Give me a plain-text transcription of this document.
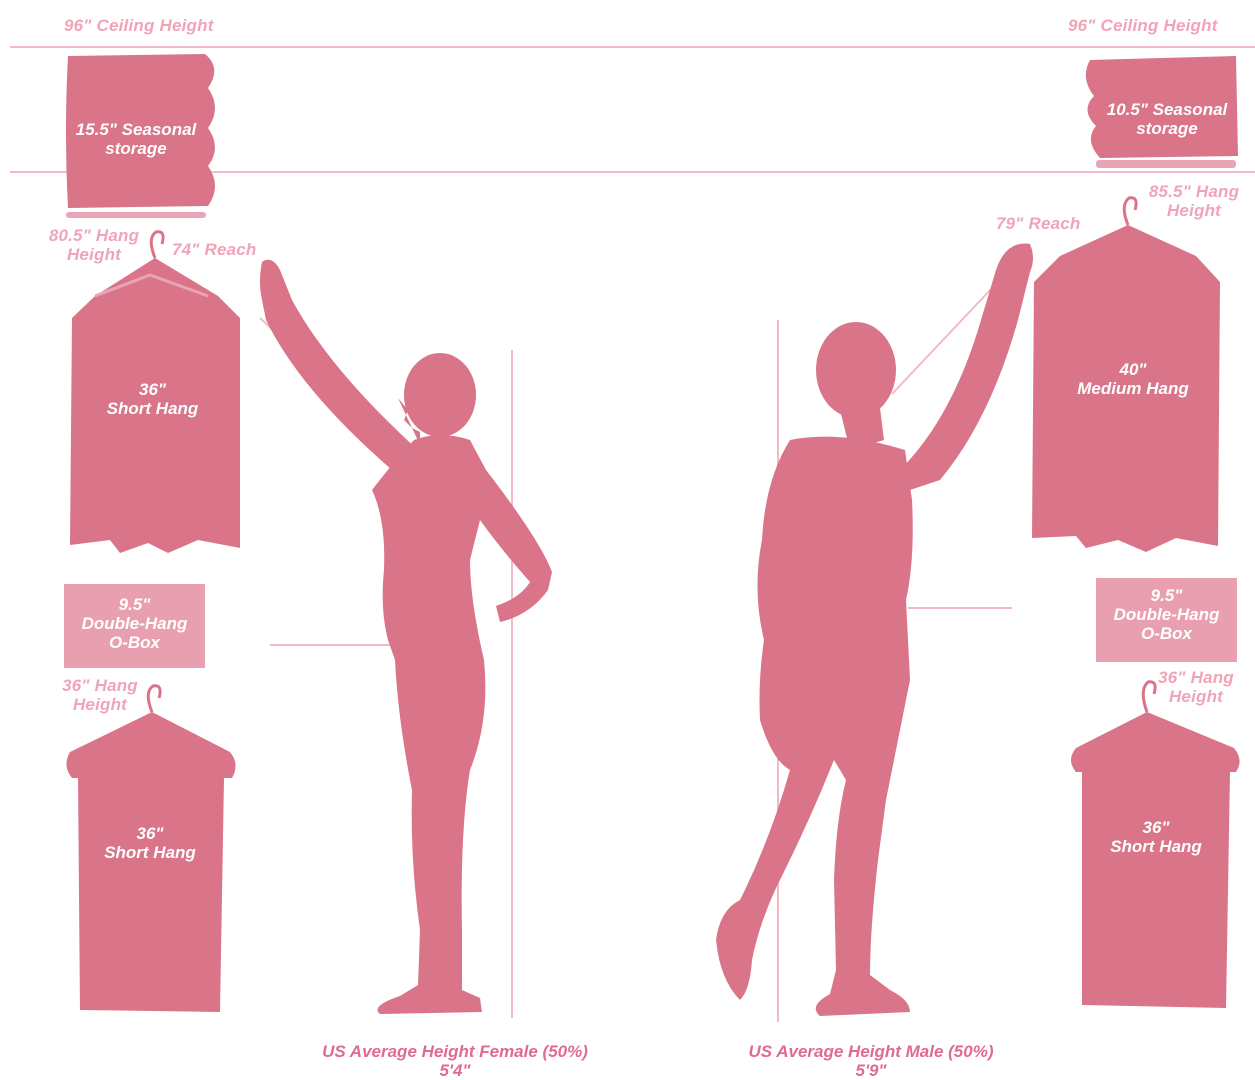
96" Ceiling Height	96" Ceiling Height
15.5" Seasonal
storage
10.5" Seasonal
storage
80.5" Hang
Height	74" Reach
36"
Short Hang
9.5"
Double-Hang
O-Box
36" Hang
Height
36"
Short Hang
85.5" Hang
Height
79" Reach
40"
Medium Hang
9.5"
Double-Hang
O-Box
36" Hang
Height
36"
Short Hang
US Average Height Female (50%)
5'4"
US Average Height Male (50%)
5'9"
